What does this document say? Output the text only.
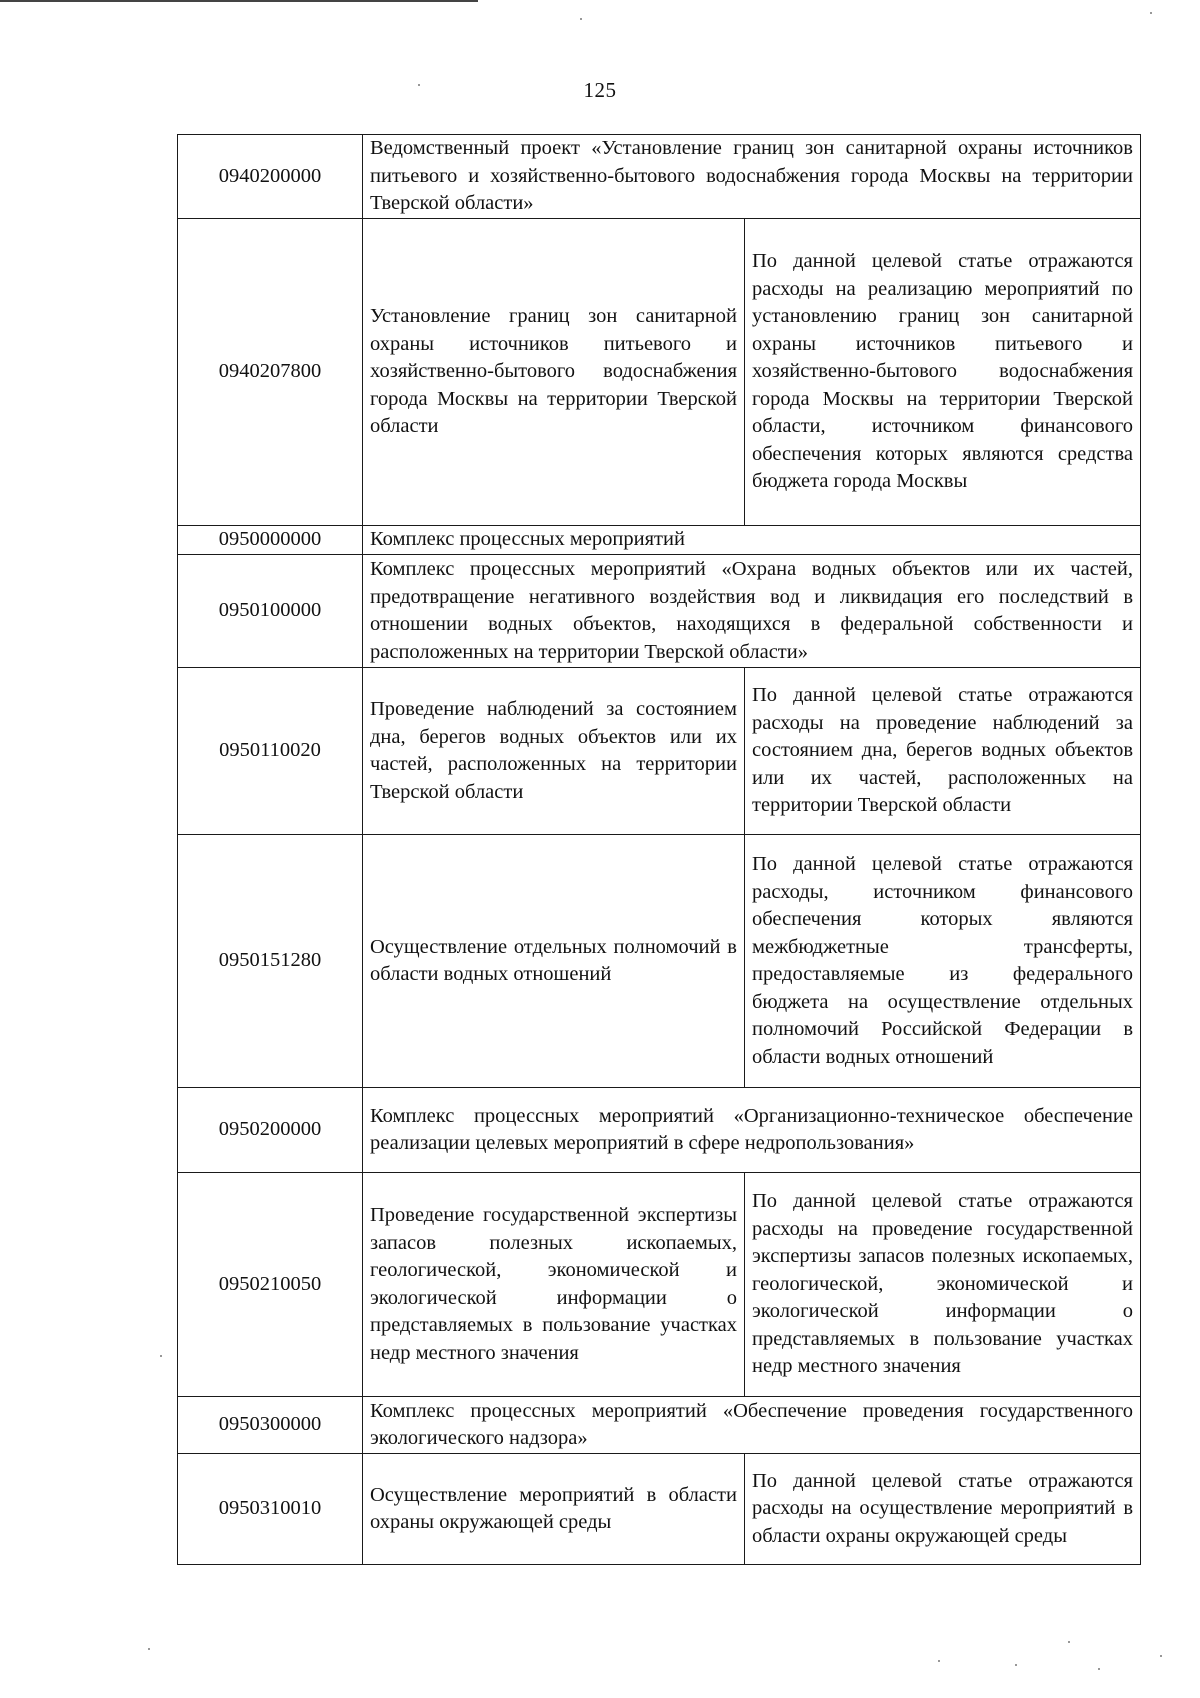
125
0940200000	Ведомственный проект «Установление границ зон санитарной охраны источников питьевого и хозяйственно-бытового водоснабжения города Москвы на территории Тверской области»	
0940207800	Установление границ зон санитарной охраны источников питьевого и хозяйственно-бытового водоснабжения города Москвы на территории Тверской области	По данной целевой статье отражаются расходы на реализацию мероприятий по установлению границ зон санитарной охраны источников питьевого и хозяйственно-бытового водоснабжения города Москвы на территории Тверской области, источником финансового обеспечения которых являются средства бюджета города Москвы
0950000000	Комплекс процессных мероприятий	
0950100000	Комплекс процессных мероприятий «Охрана водных объектов или их частей, предотвращение негативного воздействия вод и ликвидация его последствий в отношении водных объектов, находящихся в федеральной собственности и расположенных на территории Тверской области»	
0950110020	Проведение наблюдений за состоянием дна, берегов водных объектов или их частей, расположенных на территории Тверской области	По данной целевой статье отражаются расходы на проведение наблюдений за состоянием дна, берегов водных объектов или их частей, расположенных на территории Тверской области
0950151280	Осуществление отдельных полномочий в области водных отношений	По данной целевой статье отражаются расходы, источником финансового обеспечения которых являются межбюджетные трансферты, предоставляемые из федерального бюджета на осуществление отдельных полномочий Российской Федерации в области водных отношений
0950200000	Комплекс процессных мероприятий «Организационно-техническое обеспечение реализации целевых мероприятий в сфере недропользования»	
0950210050	Проведение государственной экспертизы запасов полезных ископаемых, геологической, экономической и экологической информации о представляемых в пользование участках недр местного значения	По данной целевой статье отражаются расходы на проведение государственной экспертизы запасов полезных ископаемых, геологической, экономической и экологической информации о представляемых в пользование участках недр местного значения
0950300000	Комплекс процессных мероприятий «Обеспечение проведения государственного экологического надзора»	
0950310010	Осуществление мероприятий в области охраны окружающей среды	По данной целевой статье отражаются расходы на осуществление мероприятий в области охраны окружающей среды
